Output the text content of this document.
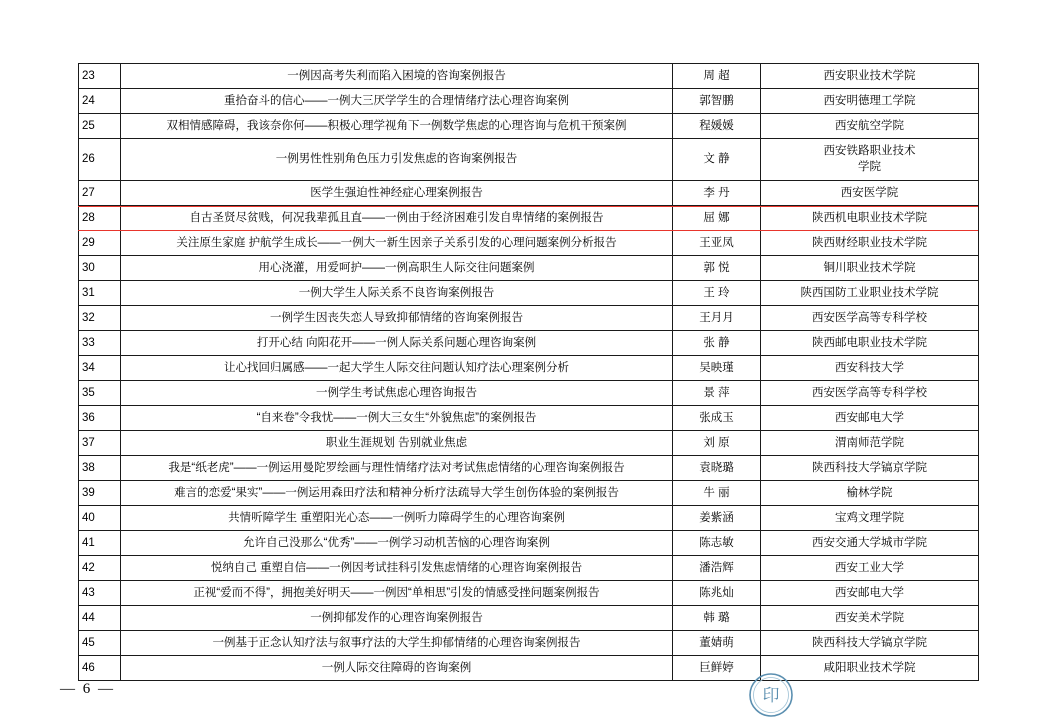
23	一例因高考失利而陷入困境的咨询案例报告	周 超	西安职业技术学院
24	重拾奋斗的信心——一例大三厌学学生的合理情绪疗法心理咨询案例	郭智鹏	西安明德理工学院
25	双相情感障碍，我该奈你何——积极心理学视角下一例数学焦虑的心理咨询与危机干预案例	程媛媛	西安航空学院
26	一例男性性别角色压力引发焦虑的咨询案例报告	文 静	西安铁路职业技术
学院

27	医学生强迫性神经症心理案例报告	李 丹	西安医学院
28	自古圣贤尽贫贱，何况我辈孤且直——一例由于经济困难引发自卑情绪的案例报告	屈 娜	陕西机电职业技术学院
29	关注原生家庭 护航学生成长——一例大一新生因亲子关系引发的心理问题案例分析报告	王亚凤	陕西财经职业技术学院
30	用心浇灌，用爱呵护——一例高职生人际交往问题案例	郭 悦	铜川职业技术学院
31	一例大学生人际关系不良咨询案例报告	王 玲	陕西国防工业职业技术学院
32	一例学生因丧失恋人导致抑郁情绪的咨询案例报告	王月月	西安医学高等专科学校
33	打开心结 向阳花开——一例人际关系问题心理咨询案例	张 静	陕西邮电职业技术学院
34	让心找回归属感——一起大学生人际交往问题认知疗法心理案例分析	吴映瑾	西安科技大学
35	一例学生考试焦虑心理咨询报告	景 萍	西安医学高等专科学校
36	“自来卷”令我忧——一例大三女生“外貌焦虑”的案例报告	张成玉	西安邮电大学
37	职业生涯规划 告别就业焦虑	刘 原	渭南师范学院
38	我是“纸老虎”——一例运用曼陀罗绘画与理性情绪疗法对考试焦虑情绪的心理咨询案例报告	袁晓璐	陕西科技大学镐京学院
39	难言的恋爱“果实”——一例运用森田疗法和精神分析疗法疏导大学生创伤体验的案例报告	牛 丽	榆林学院
40	共情听障学生 重塑阳光心态——一例听力障碍学生的心理咨询案例	姜紫涵	宝鸡文理学院
41	允许自己没那么“优秀”——一例学习动机苦恼的心理咨询案例	陈志敏	西安交通大学城市学院
42	悦纳自己 重塑自信——一例因考试挂科引发焦虑情绪的心理咨询案例报告	潘浩辉	西安工业大学
43	正视“爱而不得”，拥抱美好明天——一例因“单相思”引发的情感受挫问题案例报告	陈兆灿	西安邮电大学
44	一例抑郁发作的心理咨询案例报告	韩 璐	西安美术学院
45	一例基于正念认知疗法与叙事疗法的大学生抑郁情绪的心理咨询案例报告	董婧萌	陕西科技大学镐京学院
46	一例人际交往障碍的咨询案例	巨鲜婷	咸阳职业技术学院
— 6 —	印
